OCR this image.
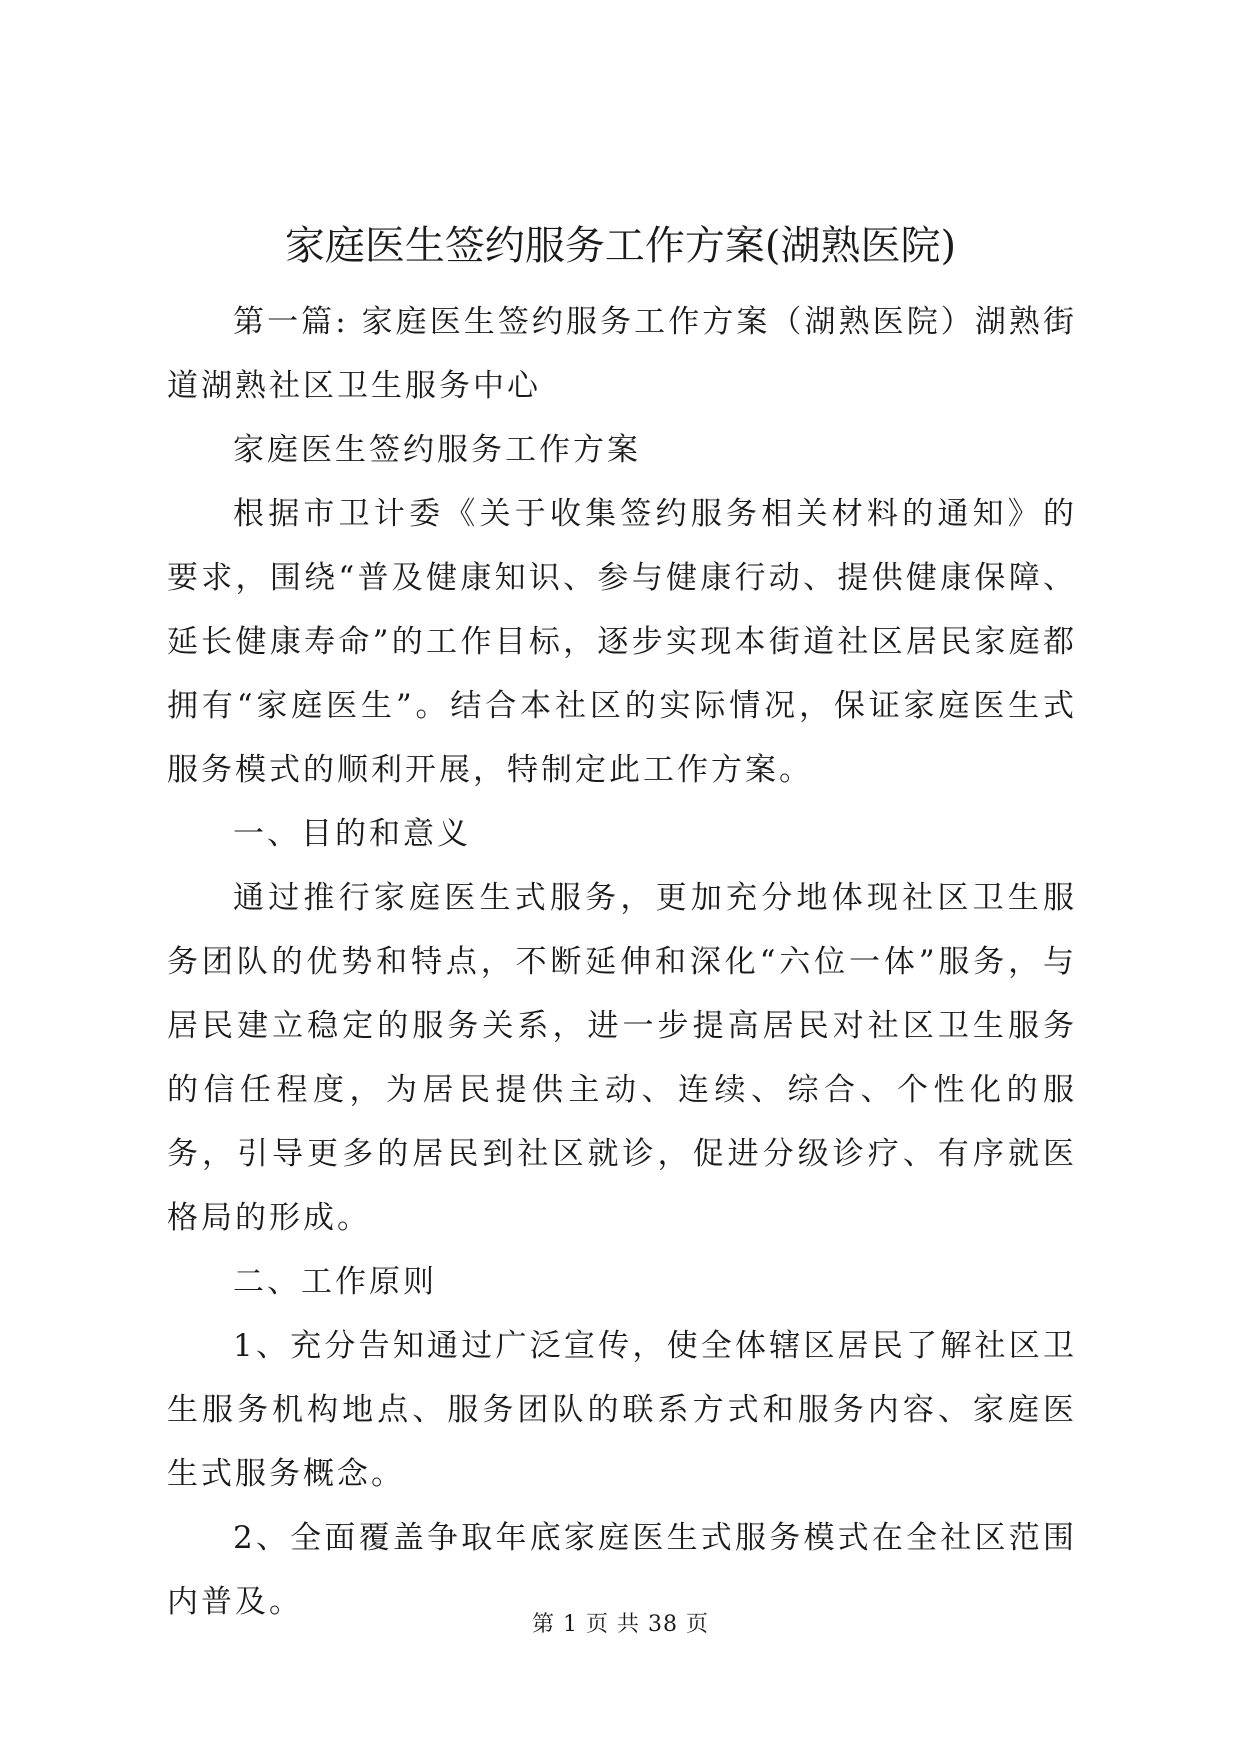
家庭医生签约服务工作方案(湖熟医院)

第一篇: 家庭医生签约服务工作方案（湖熟医院）湖熟街道湖熟社区卫生服务中心

家庭医生签约服务工作方案

根据市卫计委《关于收集签约服务相关材料的通知》的要求，围绕“普及健康知识、参与健康行动、提供健康保障、延长健康寿命”的工作目标，逐步实现本街道社区居民家庭都拥有“家庭医生”。结合本社区的实际情况，保证家庭医生式服务模式的顺利开展，特制定此工作方案。

一、目的和意义

通过推行家庭医生式服务，更加充分地体现社区卫生服务团队的优势和特点，不断延伸和深化“六位一体”服务，与居民建立稳定的服务关系，进一步提高居民对社区卫生服务的信任程度，为居民提供主动、连续、综合、个性化的服务，引导更多的居民到社区就诊，促进分级诊疗、有序就医格局的形成。

二、工作原则

1、充分告知通过广泛宣传，使全体辖区居民了解社区卫生服务机构地点、服务团队的联系方式和服务内容、家庭医生式服务概念。

2、全面覆盖争取年底家庭医生式服务模式在全社区范围内普及。

第 1 页 共 38 页
